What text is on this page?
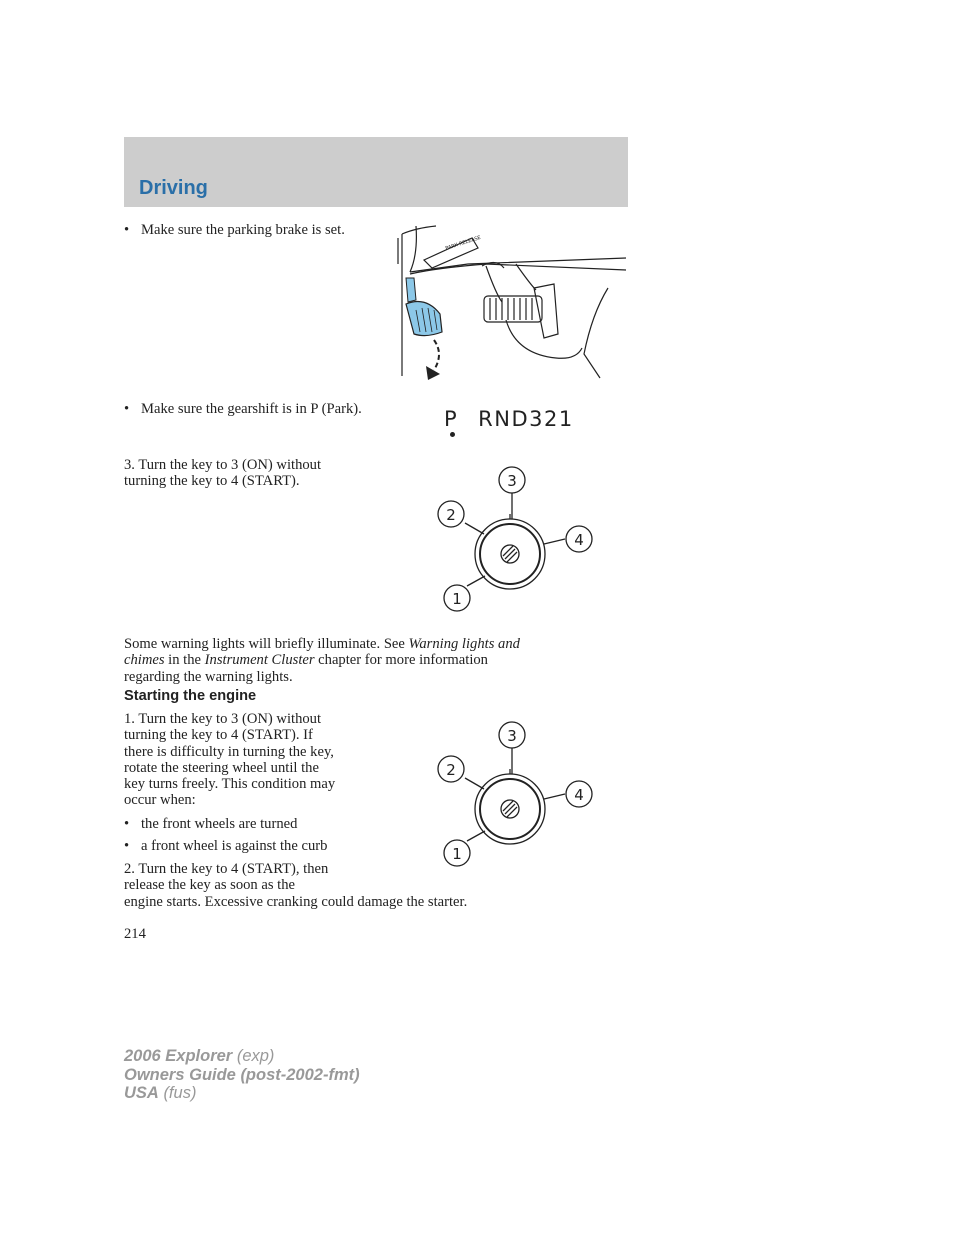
Driving
• Make sure the parking brake is set.
PARK RELEASE
• Make sure the gearshift is in P (Park).	P RND321
3. Turn the key to 3 (ON) without
turning the key to 4 (START).	3
2
4
1
Some warning lights will briefly illuminate. See Warning lights and
chimes in the Instrument Cluster chapter for more information
regarding the warning lights.
Starting the engine
1. Turn the key to 3 (ON) without
turning the key to 4 (START). If
there is difficulty in turning the key,
rotate the steering wheel until the
key turns freely. This condition may
occur when:
• the front wheels are turned
• a front wheel is against the curb
2. Turn the key to 4 (START), then
release the key as soon as the
engine starts. Excessive cranking could damage the starter.
3
2
4
1
214
2006 Explorer (exp)
Owners Guide (post-2002-fmt)
USA (fus)
